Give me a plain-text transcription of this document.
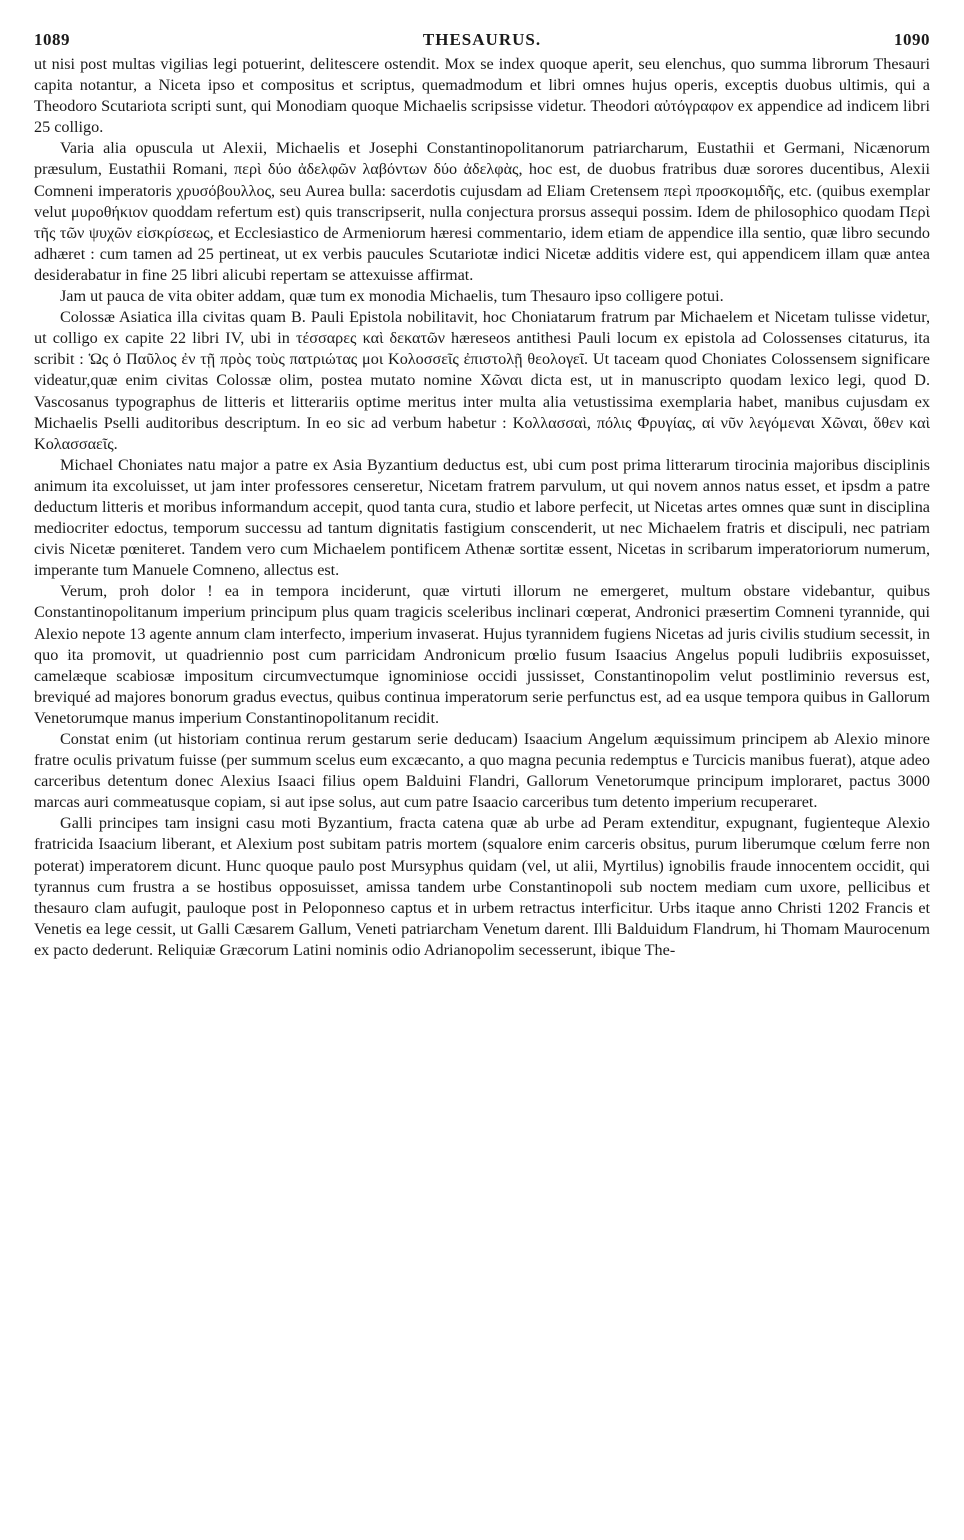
1089	THESAURUS.	1090

ut nisi post multas vigilias legi potuerint, delitescere ostendit. Mox se index quoque aperit, seu elenchus, quo summa librorum Thesauri capita notantur, a Niceta ipso et compositus et scriptus, quemadmodum et libri omnes hujus operis, exceptis duobus ultimis, qui a Theodoro Scutariota scripti sunt, qui Monodiam quoque Michaelis scripsisse videtur. Theodori αὐτόγραφον ex appendice ad indicem libri 25 colligo.

Varia alia opuscula ut Alexii, Michaelis et Josephi Constantinopolitanorum patriarcharum, Eustathii et Germani, Nicænorum præsulum, Eustathii Romani, περὶ δύο ἀδελφῶν λαβόντων δύο ἀδελφὰς, hoc est, de duobus fratribus duæ sorores ducentibus, Alexii Comneni imperatoris χρυσόβουλλος, seu Aurea bulla: sacerdotis cujusdam ad Eliam Cretensem περὶ προσκομιδῆς, etc. (quibus exemplar velut μυροθήκιον quoddam refertum est) quis transcripserit, nulla conjectura prorsus assequi possim. Idem de philosophico quodam Περὶ τῆς τῶν ψυχῶν εἰσκρίσεως, et Ecclesiastico de Armeniorum hæresi commentario, idem etiam de appendice illa sentio, quæ libro secundo adhæret : cum tamen ad 25 pertineat, ut ex verbis paucules Scutariotæ indici Nicetæ additis videre est, qui appendicem illam quæ antea desiderabatur in fine 25 libri alicubi repertam se attexuisse affirmat.

Jam ut pauca de vita obiter addam, quæ tum ex monodia Michaelis, tum Thesauro ipso colligere potui.

Colossæ Asiatica illa civitas quam B. Pauli Epistola nobilitavit, hoc Choniatarum fratrum par Michaelem et Nicetam tulisse videtur, ut colligo ex capite 22 libri IV, ubi in τέσσαρες καὶ δεκατῶν hæreseos antithesi Pauli locum ex epistola ad Colossenses citaturus, ita scribit : Ὡς ὁ Παῦλος ἐν τῇ πρὸς τοὺς πατριώτας μοι Κολοσσεῖς ἐπιστολῇ θεολογεῖ. Ut taceam quod Choniates Colossensem significare videatur,quæ enim civitas Colossæ olim, postea mutato nomine Χῶναι dicta est, ut in manuscripto quodam lexico legi, quod D. Vascosanus typographus de litteris et litterariis optime meritus inter multa alia vetustissima exemplaria habet, manibus cujusdam ex Michaelis Pselli auditoribus descriptum. In eo sic ad verbum habetur : Κολλασσαὶ, πόλις Φρυγίας, αἱ νῦν λεγόμεναι Χῶναι, ὅθεν καὶ Κολασσαεῖς.

Michael Choniates natu major a patre ex Asia Byzantium deductus est, ubi cum post prima litterarum tirocinia majoribus disciplinis animum ita excoluisset, ut jam inter professores censeretur, Nicetam fratrem parvulum, ut qui novem annos natus esset, et ipsdm a patre deductum litteris et moribus informandum accepit, quod tanta cura, studio et labore perfecit, ut Nicetas artes omnes quæ sunt in disciplina mediocriter edoctus, temporum successu ad tantum dignitatis fastigium conscenderit, ut nec Michaelem fratris et discipuli, nec patriam civis Nicetæ pœniteret. Tandem vero cum Michaelem pontificem Athenæ sortitæ essent, Nicetas in scribarum imperatoriorum numerum, imperante tum Manuele Comneno, allectus est.

Verum, proh dolor ! ea in tempora inciderunt, quæ virtuti illorum ne emergeret, multum obstare videbantur, quibus Constantinopolitanum imperium principum plus quam tragicis sceleribus inclinari cœperat, Andronici præsertim Comneni tyrannide, qui Alexio nepote 13 agente annum clam interfecto, imperium invaserat. Hujus tyrannidem fugiens Nicetas ad juris civilis studium secessit, in quo ita promovit, ut quadriennio post cum parricidam Andronicum prœlio fusum Isaacius Angelus populi ludibriis exposuisset, camelæque scabiosæ impositum circumvectumque ignominiose occidi jussisset, Constantinopolim velut postliminio reversus est, breviqué ad majores bonorum gradus evectus, quibus continua imperatorum serie perfunctus est, ad ea usque tempora quibus in Gallorum Venetorumque manus imperium Constantinopolitanum recidit.

Constat enim (ut historiam continua rerum gestarum serie deducam) Isaacium Angelum æquissimum principem ab Alexio minore fratre oculis privatum fuisse (per summum scelus eum excæcanto, a quo magna pecunia redemptus e Turcicis manibus fuerat), atque adeo carceribus detentum donec Alexius Isaaci filius opem Balduini Flandri, Gallorum Venetorumque principum imploraret, pactus 3000 marcas auri commeatusque copiam, si aut ipse solus, aut cum patre Isaacio carceribus tum detento imperium recuperaret.

Galli principes tam insigni casu moti Byzantium, fracta catena quæ ab urbe ad Peram extenditur, expugnant, fugienteque Alexio fratricida Isaacium liberant, et Alexium post subitam patris mortem (squalore enim carceris obsitus, purum liberumque cœlum ferre non poterat) imperatorem dicunt. Hunc quoque paulo post Mursyphus quidam (vel, ut alii, Myrtilus) ignobilis fraude innocentem occidit, qui tyrannus cum frustra a se hostibus opposuisset, amissa tandem urbe Constantinopoli sub noctem mediam cum uxore, pellicibus et thesauro clam aufugit, pauloque post in Peloponneso captus et in urbem retractus interficitur. Urbs itaque anno Christi 1202 Francis et Venetis ea lege cessit, ut Galli Cæsarem Gallum, Veneti patriarcham Venetum darent. Illi Balduidum Flandrum, hi Thomam Maurocenum ex pacto dederunt. Reliquiæ Græcorum Latini nominis odio Adrianopolim secesserunt, ibique The-
